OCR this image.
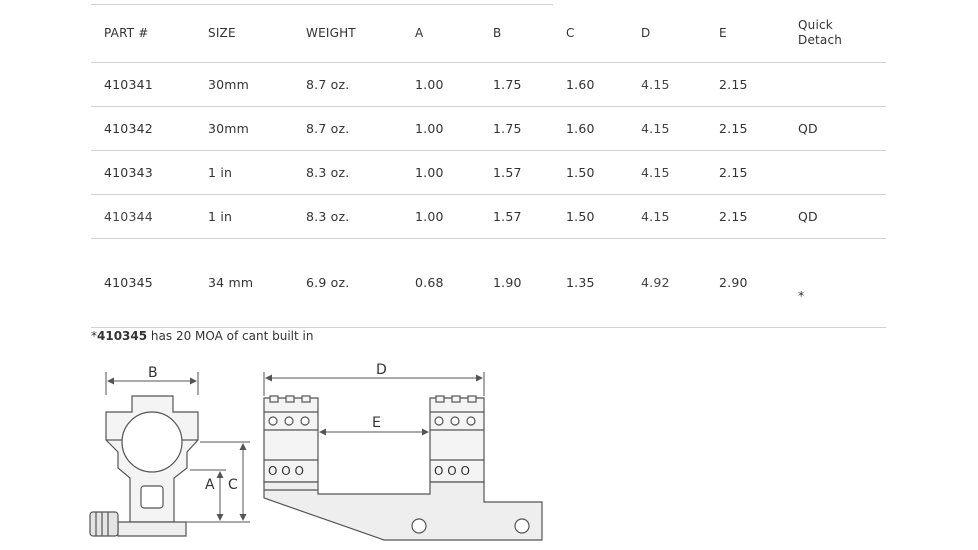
PART #	SIZE	WEIGHT	A	B	C	D	E	Quick
Detach
410341	30mm	8.7 oz.	1.00	1.75	1.60	4.15	2.15	
410342	30mm	8.7 oz.	1.00	1.75	1.60	4.15	2.15	QD
410343	1 in	8.3 oz.	1.00	1.57	1.50	4.15	2.15	
410344	1 in	8.3 oz.	1.00	1.57	1.50	4.15	2.15	QD
410345	34 mm	6.9 oz.	0.68	1.90	1.35	4.92	2.90	*
*410345 has 20 MOA of cant built in
B
A C
O O O	O O O
D
E
